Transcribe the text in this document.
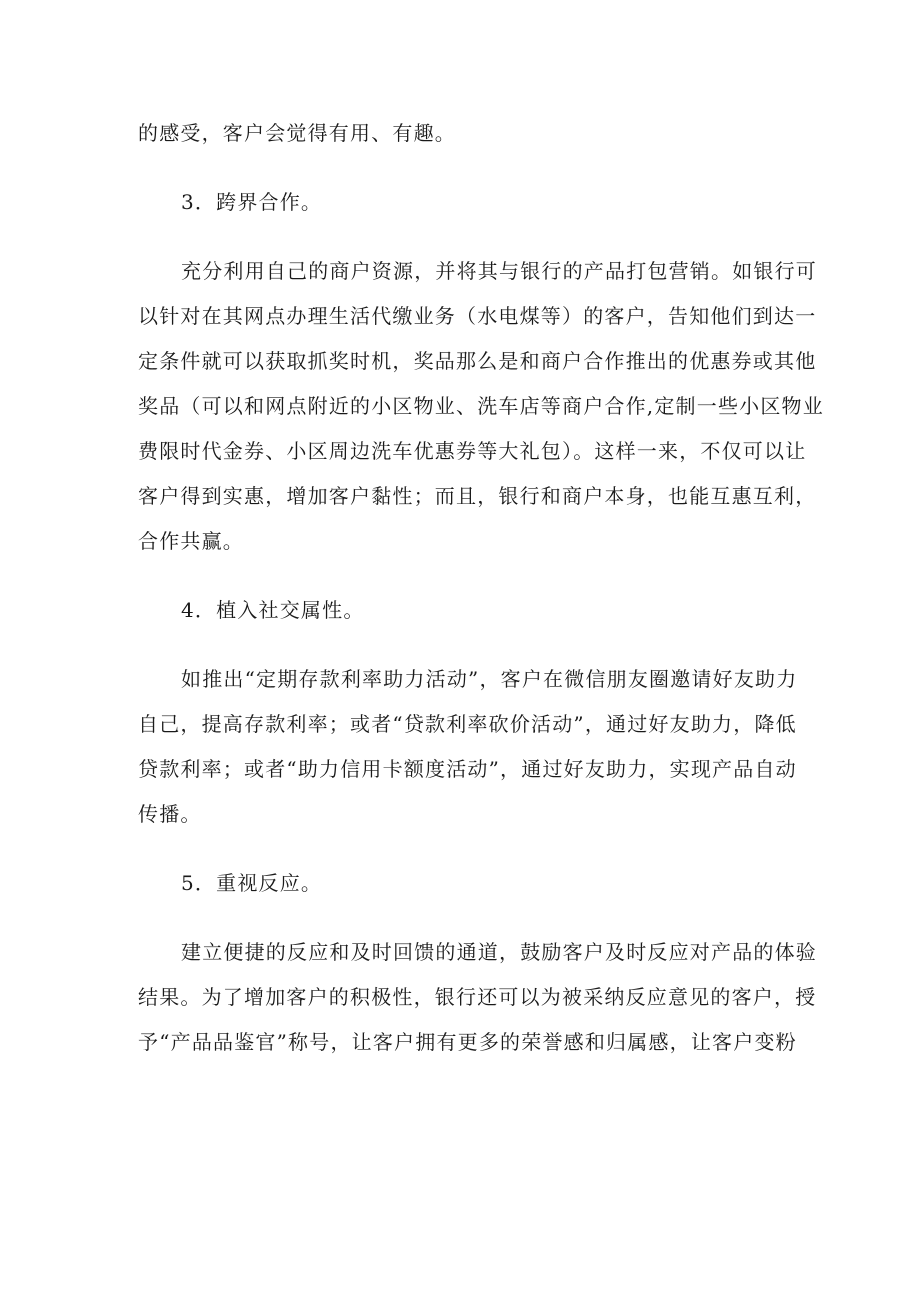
的感受，客户会觉得有用、有趣。
3．跨界合作。
充分利用自己的商户资源，并将其与银行的产品打包营销。如银行可
以针对在其网点办理生活代缴业务（水电煤等）的客户，告知他们到达一
定条件就可以获取抓奖时机，奖品那么是和商户合作推出的优惠券或其他
奖品（可以和网点附近的小区物业、洗车店等商户合作,定制一些小区物业
费限时代金券、小区周边洗车优惠券等大礼包）。这样一来，不仅可以让
客户得到实惠，增加客户黏性；而且，银行和商户本身，也能互惠互利，
合作共赢。
4．植入社交属性。
如推出“定期存款利率助力活动”，客户在微信朋友圈邀请好友助力
自己，提高存款利率；或者“贷款利率砍价活动”，通过好友助力，降低
贷款利率；或者“助力信用卡额度活动”，通过好友助力，实现产品自动
传播。
5．重视反应。
建立便捷的反应和及时回馈的通道，鼓励客户及时反应对产品的体验
结果。为了增加客户的积极性，银行还可以为被采纳反应意见的客户，授
予“产品品鉴官”称号，让客户拥有更多的荣誉感和归属感，让客户变粉
